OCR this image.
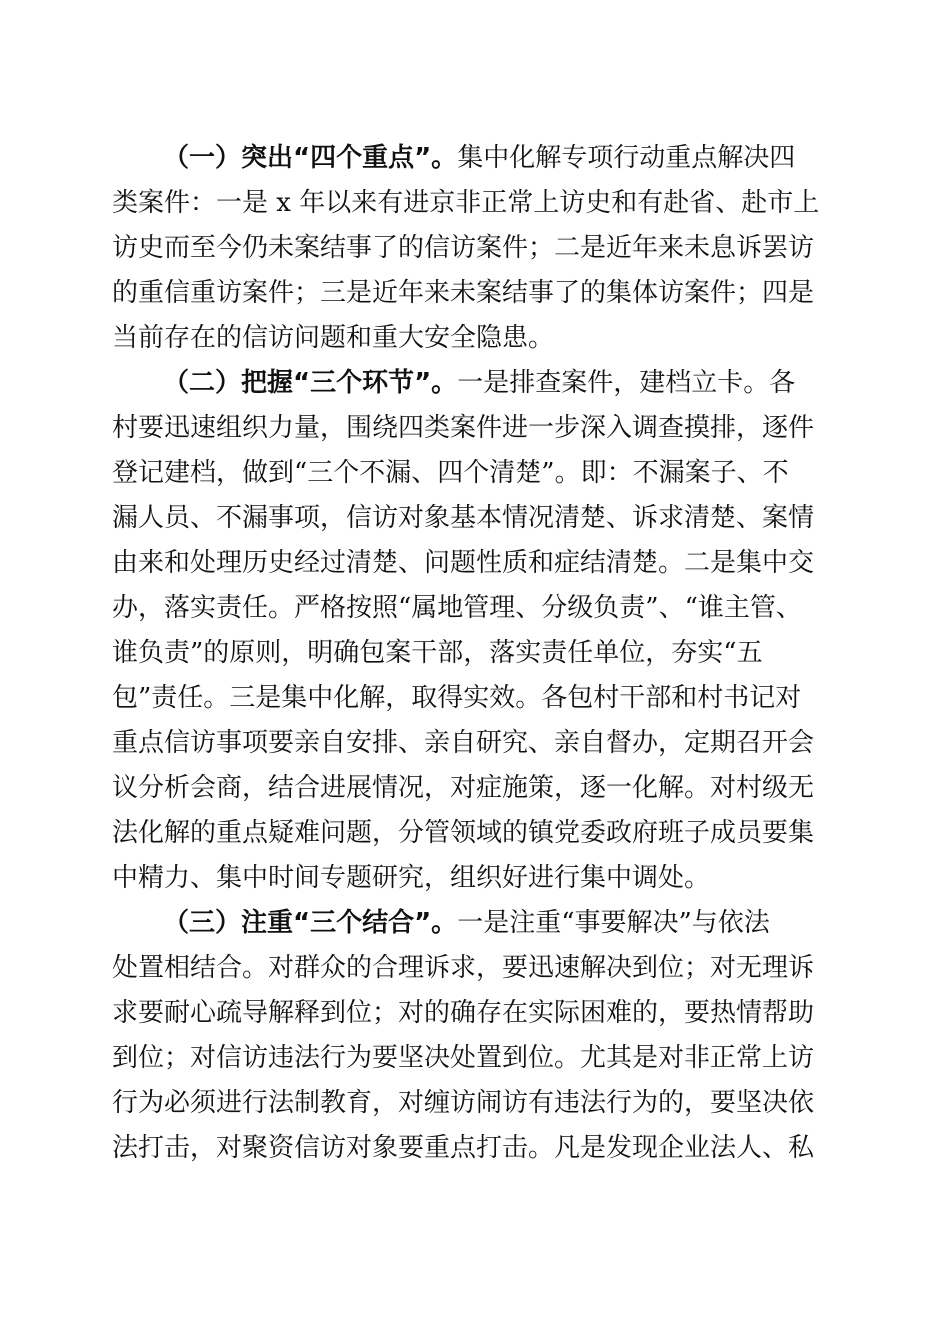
（一）突出“四个重点”。集中化解专项行动重点解决四
类案件：一是 x 年以来有进京非正常上访史和有赴省、赴市上
访史而至今仍未案结事了的信访案件；二是近年来未息诉罢访
的重信重访案件；三是近年来未案结事了的集体访案件；四是
当前存在的信访问题和重大安全隐患。
（二）把握“三个环节”。一是排查案件，建档立卡。各
村要迅速组织力量，围绕四类案件进一步深入调查摸排，逐件
登记建档，做到“三个不漏、四个清楚”。即：不漏案子、不
漏人员、不漏事项，信访对象基本情况清楚、诉求清楚、案情
由来和处理历史经过清楚、问题性质和症结清楚。二是集中交
办，落实责任。严格按照“属地管理、分级负责”、“谁主管、
谁负责”的原则，明确包案干部，落实责任单位，夯实“五
包”责任。三是集中化解，取得实效。各包村干部和村书记对
重点信访事项要亲自安排、亲自研究、亲自督办，定期召开会
议分析会商，结合进展情况，对症施策，逐一化解。对村级无
法化解的重点疑难问题，分管领域的镇党委政府班子成员要集
中精力、集中时间专题研究，组织好进行集中调处。
（三）注重“三个结合”。一是注重“事要解决”与依法
处置相结合。对群众的合理诉求，要迅速解决到位；对无理诉
求要耐心疏导解释到位；对的确存在实际困难的，要热情帮助
到位；对信访违法行为要坚决处置到位。尤其是对非正常上访
行为必须进行法制教育，对缠访闹访有违法行为的，要坚决依
法打击，对聚资信访对象要重点打击。凡是发现企业法人、私
